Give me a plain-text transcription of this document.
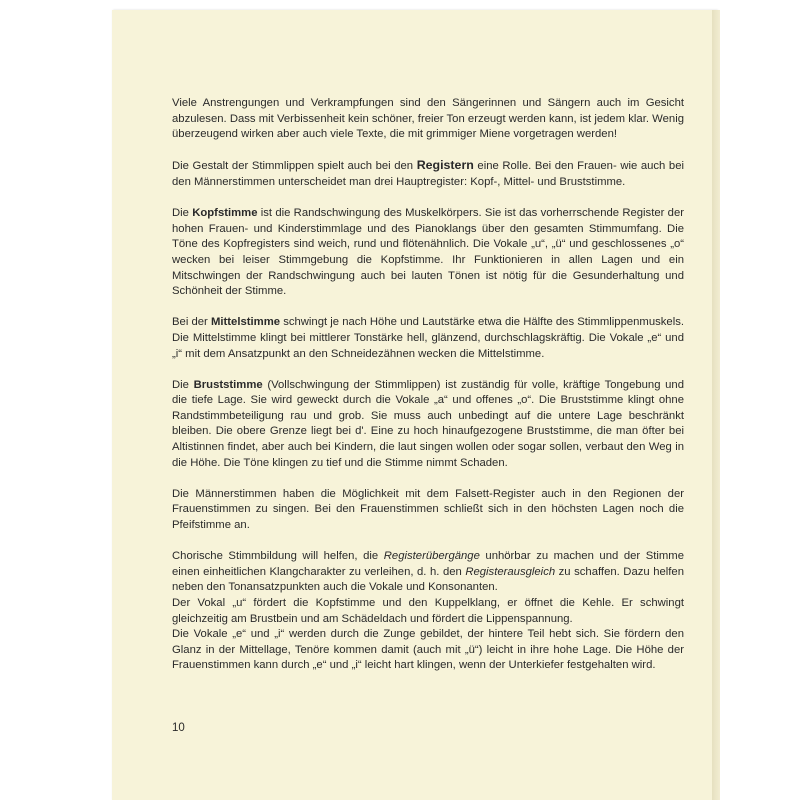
Viele Anstrengungen und Verkrampfungen sind den Sängerinnen und Sängern auch im Gesicht abzulesen. Dass mit Verbissenheit kein schöner, freier Ton erzeugt werden kann, ist jedem klar. Wenig überzeugend wirken aber auch viele Texte, die mit grimmiger Miene vorgetragen werden!

Die Gestalt der Stimmlippen spielt auch bei den Registern eine Rolle. Bei den Frauen- wie auch bei den Männerstimmen unterscheidet man drei Hauptregister: Kopf-, Mittel- und Bruststimme.

Die Kopfstimme ist die Randschwingung des Muskelkörpers. Sie ist das vorherrschende Register der hohen Frauen- und Kinderstimmlage und des Pianoklangs über den gesamten Stimmumfang. Die Töne des Kopfregisters sind weich, rund und flötenähnlich. Die Vokale „u“, „ü“ und geschlossenes „o“ wecken bei leiser Stimmgebung die Kopfstimme. Ihr Funktionieren in allen Lagen und ein Mitschwingen der Randschwingung auch bei lauten Tönen ist nötig für die Gesunderhaltung und Schönheit der Stimme.

Bei der Mittelstimme schwingt je nach Höhe und Lautstärke etwa die Hälfte des Stimmlippenmuskels. Die Mittelstimme klingt bei mittlerer Tonstärke hell, glänzend, durchschlagskräftig. Die Vokale „e“ und „i“ mit dem Ansatzpunkt an den Schneidezähnen wecken die Mittelstimme.

Die Bruststimme (Vollschwingung der Stimmlippen) ist zuständig für volle, kräftige Tongebung und die tiefe Lage. Sie wird geweckt durch die Vokale „a“ und offenes „o“. Die Bruststimme klingt ohne Randstimmbeteiligung rau und grob. Sie muss auch unbedingt auf die untere Lage beschränkt bleiben. Die obere Grenze liegt bei d'. Eine zu hoch hinaufgezogene Bruststimme, die man öfter bei Altistinnen findet, aber auch bei Kindern, die laut singen wollen oder sogar sollen, verbaut den Weg in die Höhe. Die Töne klingen zu tief und die Stimme nimmt Schaden.

Die Männerstimmen haben die Möglichkeit mit dem Falsett-Register auch in den Regionen der Frauenstimmen zu singen. Bei den Frauenstimmen schließt sich in den höchsten Lagen noch die Pfeifstimme an.

Chorische Stimmbildung will helfen, die Registerübergänge unhörbar zu machen und der Stimme einen einheitlichen Klangcharakter zu verleihen, d. h. den Registerausgleich zu schaffen. Dazu helfen neben den Tonansatzpunkten auch die Vokale und Konsonanten.

Der Vokal „u“ fördert die Kopfstimme und den Kuppelklang, er öffnet die Kehle. Er schwingt gleichzeitig am Brustbein und am Schädeldach und fördert die Lippenspannung.

Die Vokale „e“ und „i“ werden durch die Zunge gebildet, der hintere Teil hebt sich. Sie fördern den Glanz in der Mittellage, Tenöre kommen damit (auch mit „ü“) leicht in ihre hohe Lage. Die Höhe der Frauenstimmen kann durch „e“ und „i“ leicht hart klingen, wenn der Unterkiefer festgehalten wird.

10
